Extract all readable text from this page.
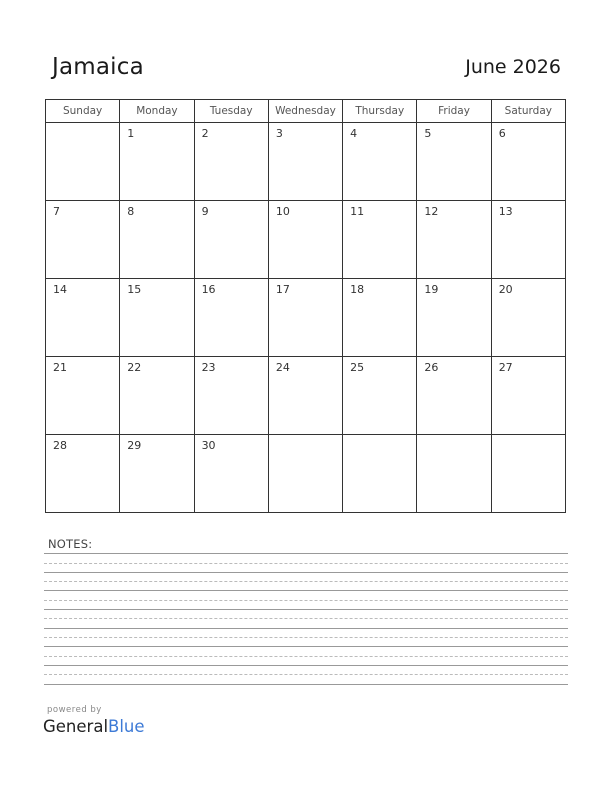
Jamaica	June 2026
Sunday	Monday	Tuesday	Wednesday	Thursday	Friday	Saturday

	1	2	3	4	5	6

7	8	9	10	11	12	13

14	15	16	17	18	19	20

21	22	23	24	25	26	27

28	29	30				

NOTES:
powered by
GeneralBlue
